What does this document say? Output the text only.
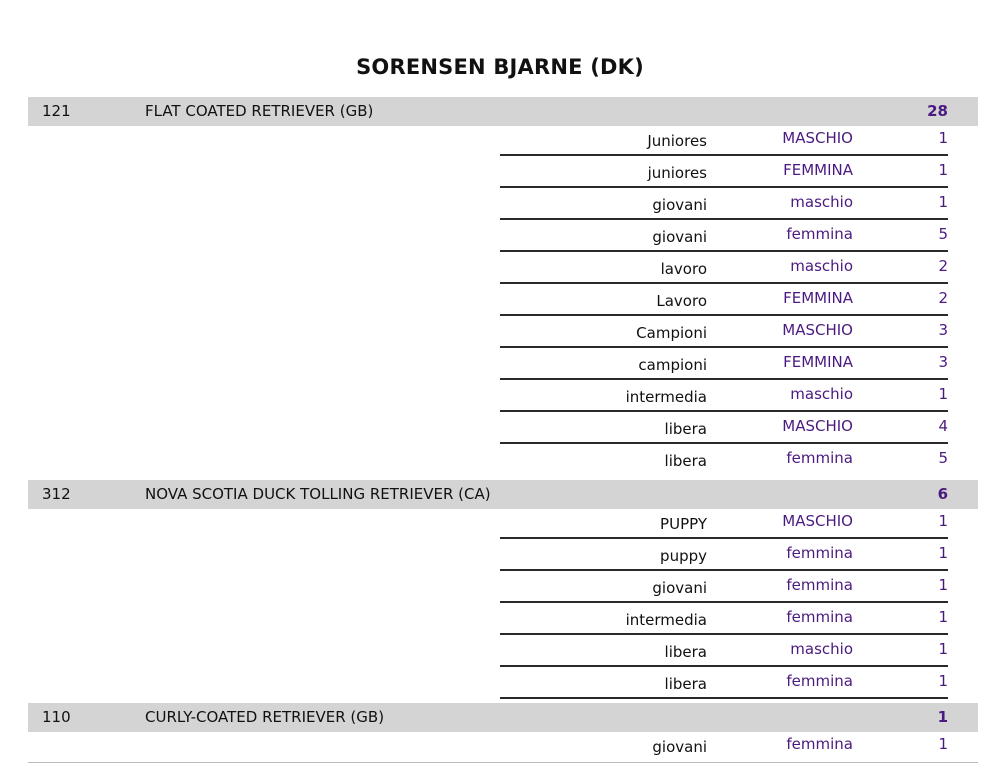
SORENSEN BJARNE (DK)
121	FLAT COATED RETRIEVER (GB)	28
Juniores	MASCHIO	1
juniores	FEMMINA	1
giovani	maschio	1
giovani	femmina	5
lavoro	maschio	2
Lavoro	FEMMINA	2
Campioni	MASCHIO	3
campioni	FEMMINA	3
intermedia	maschio	1
libera	MASCHIO	4
libera	femmina	5
312	NOVA SCOTIA DUCK TOLLING RETRIEVER (CA)	6
PUPPY	MASCHIO	1
puppy	femmina	1
giovani	femmina	1
intermedia	femmina	1
libera	maschio	1
libera	femmina	1
110	CURLY-COATED RETRIEVER (GB)	1
giovani	femmina	1
